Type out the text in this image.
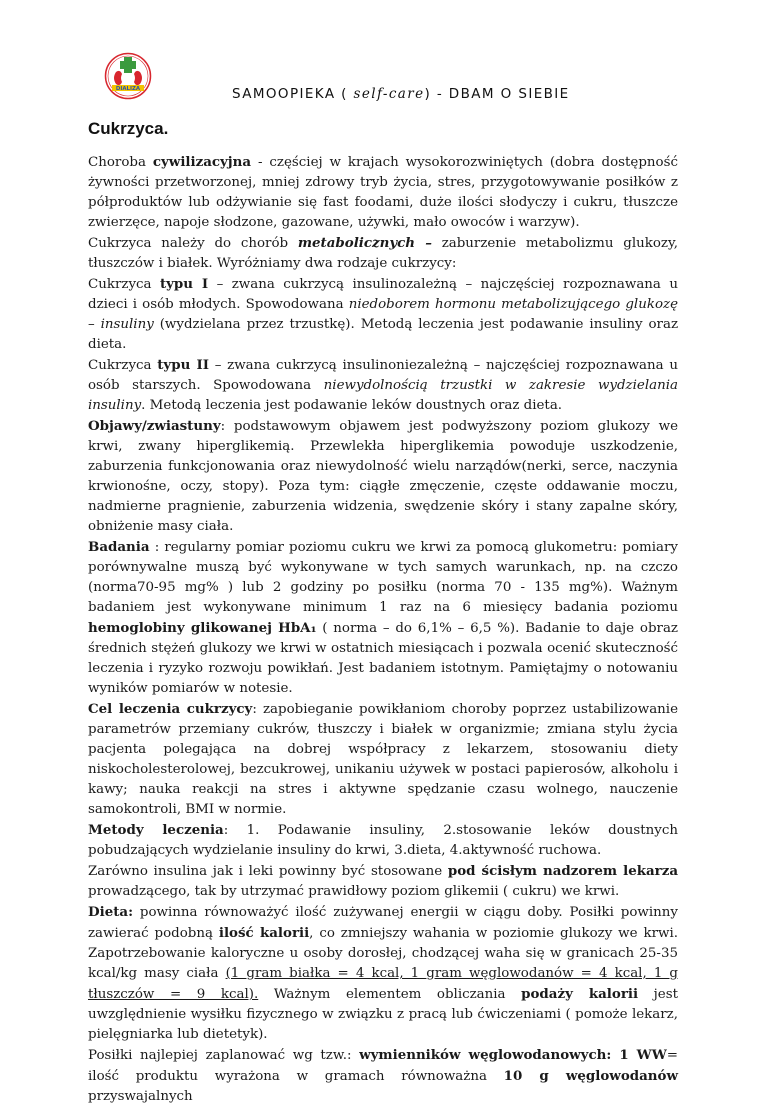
DIALIZA	SAMOOPIEKA ( self-care) - DBAM O SIEBIE
Cukrzyca.

Choroba cywilizacyjna - częściej w krajach wysokorozwiniętych (dobra dostępność żywności przetworzonej, mniej zdrowy tryb życia, stres, przygotowywanie posiłków z półproduktów lub odżywianie się fast foodami, duże ilości słodyczy i cukru, tłuszcze zwierzęce, napoje słodzone, gazowane, używki, mało owoców i warzyw).

Cukrzyca należy do chorób metabolicznych – zaburzenie metabolizmu glukozy, tłuszczów i białek. Wyróżniamy dwa rodzaje cukrzycy:

Cukrzyca typu I – zwana cukrzycą insulinozależną – najczęściej rozpoznawana u dzieci i osób młodych. Spowodowana niedoborem hormonu metabolizującego glukozę – insuliny (wydzielana przez trzustkę). Metodą leczenia jest podawanie insuliny oraz dieta.

Cukrzyca typu II – zwana cukrzycą insulinoniezależną – najczęściej rozpoznawana u osób starszych. Spowodowana niewydolnością trzustki w zakresie wydzielania insuliny. Metodą leczenia jest podawanie leków doustnych oraz dieta.

Objawy/zwiastuny: podstawowym objawem jest podwyższony poziom glukozy we krwi, zwany hiperglikemią. Przewlekła hiperglikemia powoduje uszkodzenie, zaburzenia funkcjonowania oraz niewydolność wielu narządów(nerki, serce, naczynia krwionośne, oczy, stopy). Poza tym: ciągłe zmęczenie, częste oddawanie moczu, nadmierne pragnienie, zaburzenia widzenia, swędzenie skóry i stany zapalne skóry, obniżenie masy ciała.

Badania : regularny pomiar poziomu cukru we krwi za pomocą glukometru: pomiary porównywalne muszą być wykonywane w tych samych warunkach, np. na czczo (norma70-95 mg% ) lub 2 godziny po posiłku (norma 70 - 135 mg%). Ważnym badaniem jest wykonywane minimum 1 raz na 6 miesięcy badania poziomu hemoglobiny glikowanej HbA₁ ( norma – do 6,1% – 6,5 %). Badanie to daje obraz średnich stężeń glukozy we krwi w ostatnich miesiącach i pozwala ocenić skuteczność leczenia i ryzyko rozwoju powikłań. Jest badaniem istotnym. Pamiętajmy o notowaniu wyników pomiarów w notesie.

Cel leczenia cukrzycy: zapobieganie powikłaniom choroby poprzez ustabilizowanie parametrów przemiany cukrów, tłuszczy i białek w organizmie; zmiana stylu życia pacjenta polegająca na dobrej współpracy z lekarzem, stosowaniu diety niskocholesterolowej, bezcukrowej, unikaniu używek w postaci papierosów, alkoholu i kawy; nauka reakcji na stres i aktywne spędzanie czasu wolnego, nauczenie samokontroli, BMI w normie.

Metody leczenia: 1. Podawanie insuliny, 2.stosowanie leków doustnych pobudzających wydzielanie insuliny do krwi, 3.dieta, 4.aktywność ruchowa.

Zarówno insulina jak i leki powinny być stosowane pod ścisłym nadzorem lekarza prowadzącego, tak by utrzymać prawidłowy poziom glikemii ( cukru) we krwi.

Dieta: powinna równoważyć ilość zużywanej energii w ciągu doby. Posiłki powinny zawierać podobną ilość kalorii, co zmniejszy wahania w poziomie glukozy we krwi. Zapotrzebowanie kaloryczne u osoby dorosłej, chodzącej waha się w granicach 25-35 kcal/kg masy ciała (1 gram białka = 4 kcal, 1 gram węglowodanów = 4 kcal, 1 g tłuszczów = 9 kcal). Ważnym elementem obliczania podaży kalorii jest uwzględnienie wysiłku fizycznego w związku z pracą lub ćwiczeniami ( pomoże lekarz, pielęgniarka lub dietetyk).

Posiłki najlepiej zaplanować wg tzw.: wymienników węglowodanowych: 1 WW= ilość produktu wyrażona w gramach równoważna 10 g węglowodanów przyswajalnych
